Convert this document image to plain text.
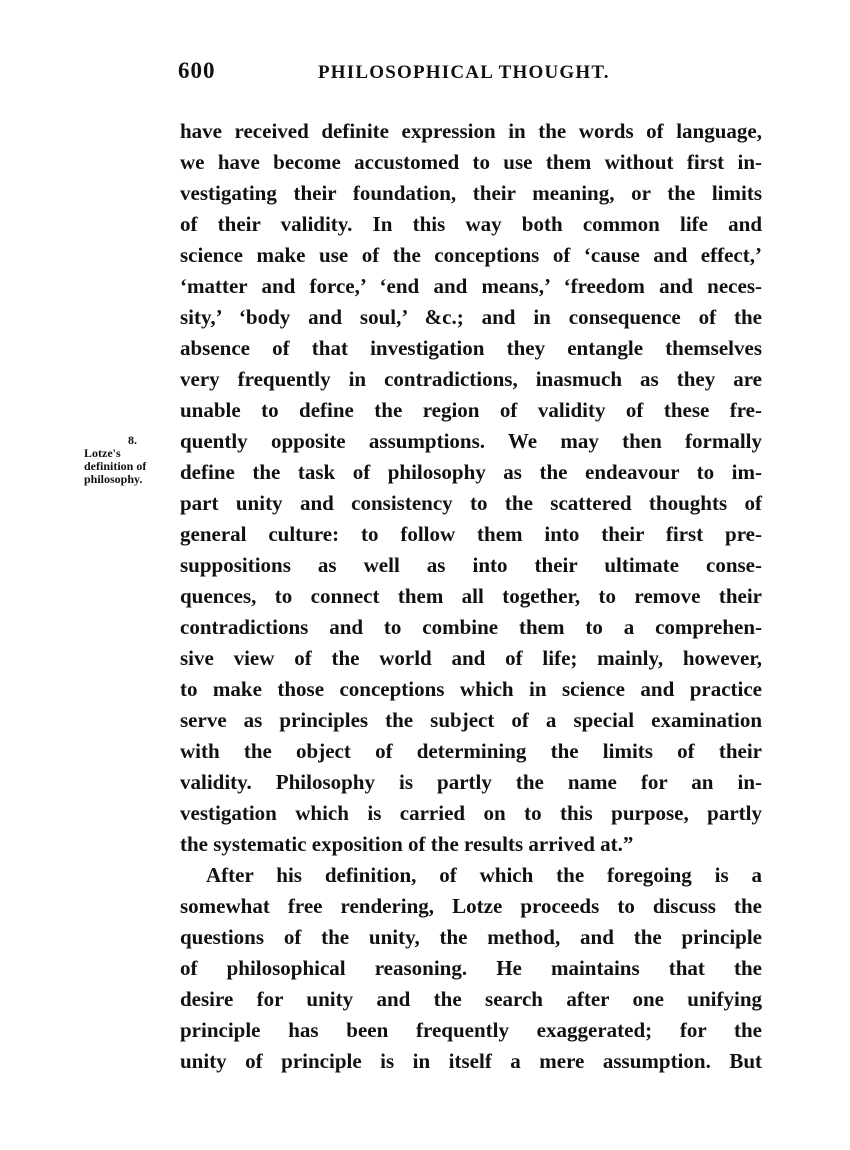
600	PHILOSOPHICAL THOUGHT.
8.
Lotze's
definition of
philosophy.
have received definite expression in the words of language,
we have become accustomed to use them without first in-
vestigating their foundation, their meaning, or the limits
of their validity. In this way both common life and
science make use of the conceptions of ‘cause and effect,’
‘matter and force,’ ‘end and means,’ ‘freedom and neces-
sity,’ ‘body and soul,’ &c.; and in consequence of the
absence of that investigation they entangle themselves
very frequently in contradictions, inasmuch as they are
unable to define the region of validity of these fre-
quently opposite assumptions. We may then formally
define the task of philosophy as the endeavour to im-
part unity and consistency to the scattered thoughts of
general culture: to follow them into their first pre-
suppositions as well as into their ultimate conse-
quences, to connect them all together, to remove their
contradictions and to combine them to a comprehen-
sive view of the world and of life; mainly, however,
to make those conceptions which in science and practice
serve as principles the subject of a special examination
with the object of determining the limits of their
validity. Philosophy is partly the name for an in-
vestigation which is carried on to this purpose, partly
the systematic exposition of the results arrived at.”
After his definition, of which the foregoing is a
somewhat free rendering, Lotze proceeds to discuss the
questions of the unity, the method, and the principle
of philosophical reasoning. He maintains that the
desire for unity and the search after one unifying
principle has been frequently exaggerated; for the
unity of principle is in itself a mere assumption. But
